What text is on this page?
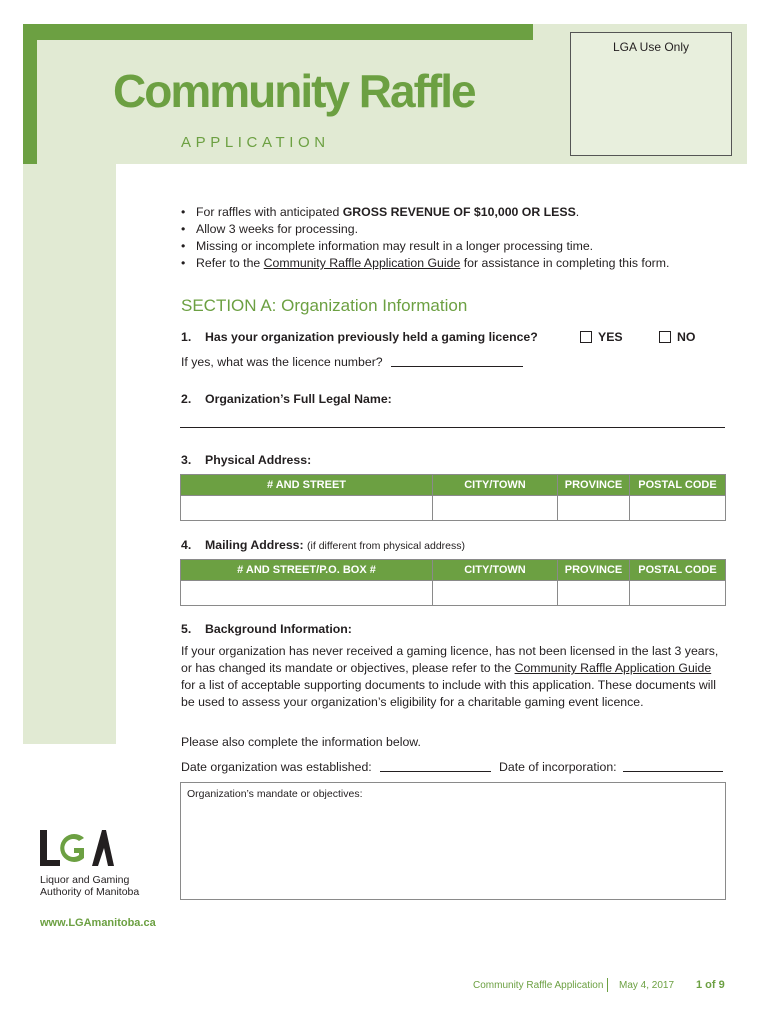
Community Raffle
APPLICATION
LGA Use Only
• For raffles with anticipated GROSS REVENUE OF $10,000 OR LESS.
• Allow 3 weeks for processing.
• Missing or incomplete information may result in a longer processing time.
• Refer to the Community Raffle Application Guide for assistance in completing this form.
SECTION A: Organization Information
1. Has your organization previously held a gaming licence?	YES	NO
If yes, what was the licence number?
2. Organization’s Full Legal Name:
3. Physical Address:
# AND STREET	CITY/TOWN	PROVINCE	POSTAL CODE

4. Mailing Address: (if different from physical address)
# AND STREET/P.O. BOX #	CITY/TOWN	PROVINCE	POSTAL CODE

5. Background Information:
If your organization has never received a gaming licence, has not been licensed in the last 3 years, or has changed its mandate or objectives, please refer to the Community Raffle Application Guide for a list of acceptable supporting documents to include with this application. These documents will be used to assess your organization’s eligibility for a charitable gaming event licence.
Please also complete the information below.
Date organization was established:	Date of incorporation:
Organization’s mandate or objectives:
Liquor and Gaming
Authority of Manitoba
www.LGAmanitoba.ca
Community Raffle Application May 4, 2017 1 of 9
